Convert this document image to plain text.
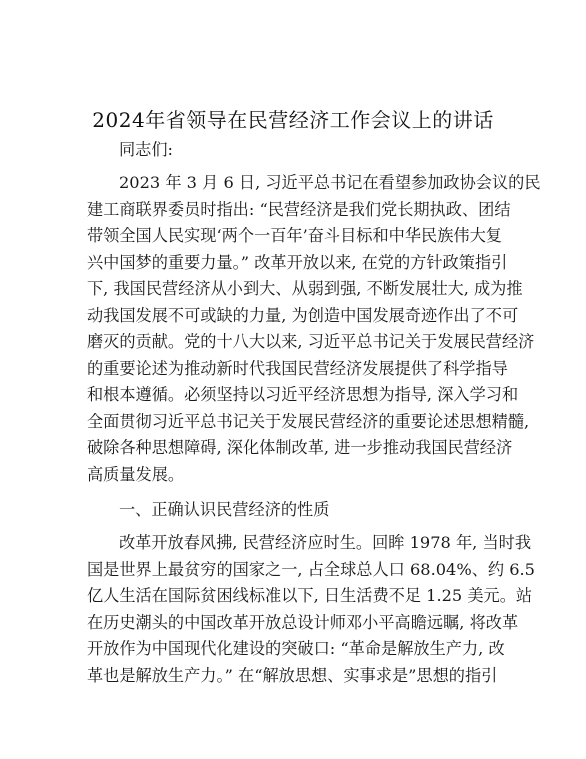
2024年省领导在民营经济工作会议上的讲话
同志们:
2023 年 3 月 6 日, 习近平总书记在看望参加政协会议的民
建工商联界委员时指出: “民营经济是我们党长期执政、团结
带领全国人民实现‘两个一百年’奋斗目标和中华民族伟大复
兴中国梦的重要力量。” 改革开放以来, 在党的方针政策指引
下, 我国民营经济从小到大、从弱到强, 不断发展壮大, 成为推
动我国发展不可或缺的力量, 为创造中国发展奇迹作出了不可
磨灭的贡献。党的十八大以来, 习近平总书记关于发展民营经济
的重要论述为推动新时代我国民营经济发展提供了科学指导
和根本遵循。必须坚持以习近平经济思想为指导, 深入学习和
全面贯彻习近平总书记关于发展民营经济的重要论述思想精髓,
破除各种思想障碍, 深化体制改革, 进一步推动我国民营经济
高质量发展。
一、正确认识民营经济的性质
改革开放春风拂, 民营经济应时生。回眸 1978 年, 当时我
国是世界上最贫穷的国家之一, 占全球总人口 68.04%、约 6.5
亿人生活在国际贫困线标准以下, 日生活费不足 1.25 美元。站
在历史潮头的中国改革开放总设计师邓小平高瞻远瞩, 将改革
开放作为中国现代化建设的突破口: “革命是解放生产力, 改
革也是解放生产力。” 在“解放思想、实事求是”思想的指引
